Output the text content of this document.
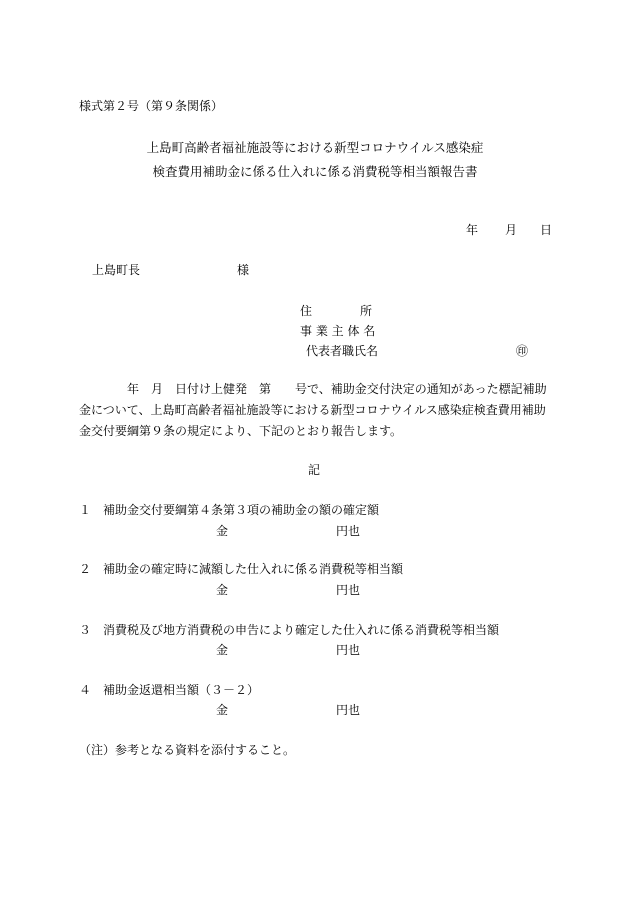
様式第２号（第９条関係）
上島町高齢者福祉施設等における新型コロナウイルス感染症
検査費用補助金に係る仕入れに係る消費税等相当額報告書
年 月 日
上島町長	様
住　　　　所
事 業 主 体 名
代表者職氏名	㊞

　　　　年　月　日付け上健発　第　　号で、補助金交付決定の通知があった標記補助

金について、上島町高齢者福祉施設等における新型コロナウイルス感染症検査費用補助

金交付要綱第９条の規定により、下記のとおり報告します。

記
１　補助金交付要綱第４条第３項の補助金の額の確定額
金	円也
２　補助金の確定時に減額した仕入れに係る消費税等相当額
金	円也
３　消費税及び地方消費税の申告により確定した仕入れに係る消費税等相当額
金	円也
４　補助金返還相当額（３－２）
金	円也
（注）参考となる資料を添付すること。
